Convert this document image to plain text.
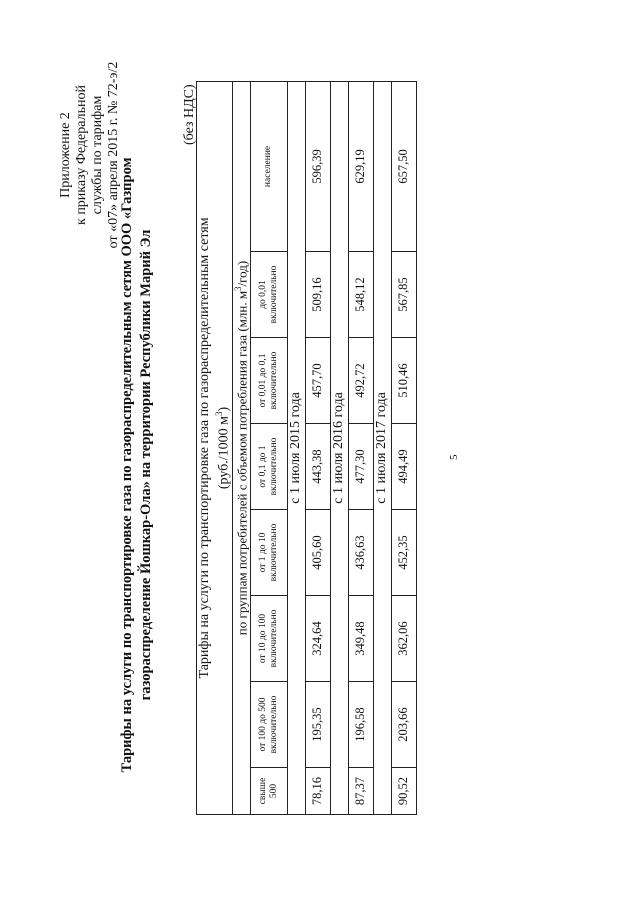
Приложение 2 к приказу Федеральной службы по тарифам от «07» апреля 2015 г. № 72-э/2
Тарифы на услуги по транспортировке газа по газораспределительным сетям ООО «Газпром газораспределение Йошкар-Ола» на территории Республики Марий Эл
(без НДС)
Тарифы на услуги по транспортировке газа по газораспределительным сетям (руб./1000 $м^3$)							

по группам потребителей с объемом потребления газа (млн. $м^3/год$)							
свыше 500	от 100 до 500 включительно	от 10 до 100 включительно	от 1 до 10 включительно	от 0,1 до 1 включительно	от 0,01 до 0,1 включительно	до 0,01 включительно	население
с 1 июля 2015 года							
78,16	195,35	324,64	405,60	443,38	457,70	509,16	596,39
с 1 июля 2016 года							
87,37	196,58	349,48	436,63	477,30	492,72	548,12	629,19
с 1 июля 2017 года							
90,52	203,66	362,06	452,35	494,49	510,46	567,85	657,50
5
